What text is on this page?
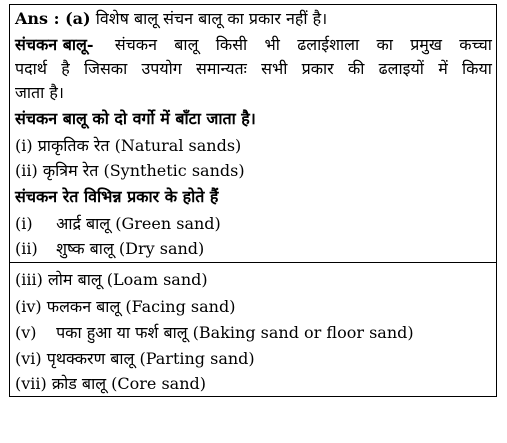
Ans : (a) विशेष बालू संचन बालू का प्रकार नहीं है।
संचकन बालू- संचकन बालू किसी भी ढलाईशाला का प्रमुख कच्चा
पदार्थ है जिसका उपयोग समान्यतः सभी प्रकार की ढलाइयों में किया
जाता है।
संचकन बालू को दो वर्गो में बाँटा जाता है।
(i) प्राकृतिक रेत (Natural sands)
(ii) कृत्रिम रेत (Synthetic sands)
संचकन रेत विभिन्न प्रकार के होते हैं
(i) आर्द्र बालू (Green sand)
(ii) शुष्क बालू (Dry sand)
(iii) लोम बालू (Loam sand)
(iv) फलकन बालू (Facing sand)
(v) पका हुआ या फर्श बालू (Baking sand or floor sand)
(vi) पृथक्करण बालू (Parting sand)
(vii) क्रोड बालू (Core sand)
